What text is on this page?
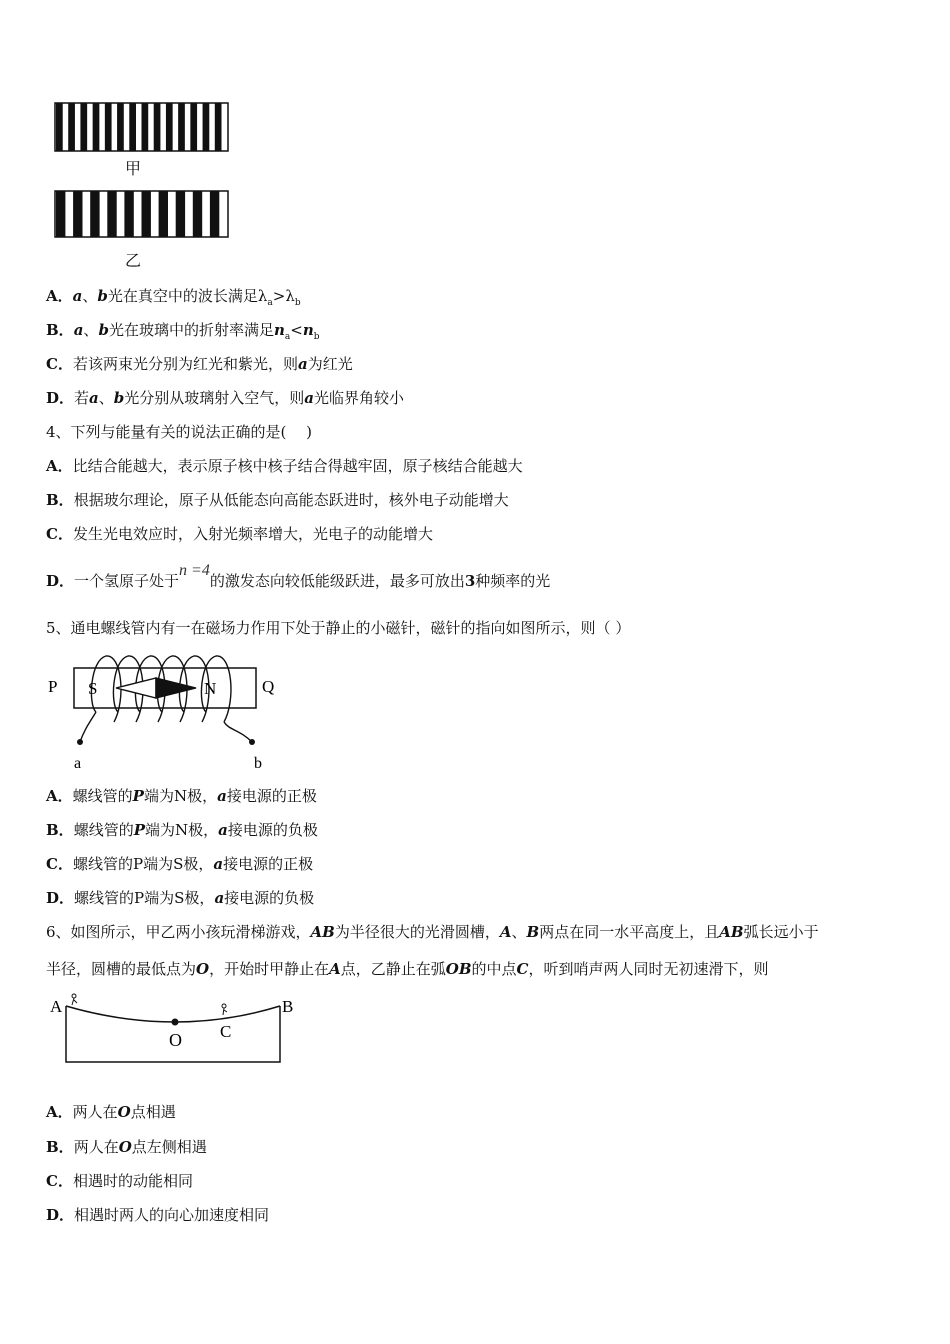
甲
乙
A．a、b光在真空中的波长满足$\lambda_a>\lambda_b$
B．a、b光在玻璃中的折射率满足$n_a<n_b$
C．若该两束光分别为红光和紫光，则a为红光
D．若a、b光分别从玻璃射入空气，则a光临界角较小
4、下列与能量有关的说法正确的是(　 )
A．比结合能越大，表示原子核中核子结合得越牢固，原子核结合能越大
B．根据玻尔理论，原子从低能态向高能态跃进时，核外电子动能增大
C．发生光电效应时，入射光频率增大，光电子的动能增大
D．一个氢原子处于n =4的激发态向较低能级跃进，最多可放出3种频率的光
5、通电螺线管内有一在磁场力作用下处于静止的小磁针，磁针的指向如图所示，则（ ）
P	Q
a	b
S	N
A．螺线管的P端为N极，a接电源的正极
B．螺线管的P端为N极，a接电源的负极
C．螺线管的P端为S极，a接电源的正极
D．螺线管的P端为S极，a接电源的负极
6、如图所示，甲乙两小孩玩滑梯游戏，AB为半径很大的光滑圆槽，A、B两点在同一水平高度上，且AB弧长远小于
半径，圆槽的最低点为O，开始时甲静止在A点，乙静止在弧OB的中点C，听到哨声两人同时无初速滑下，则
A	B
O C
A．两人在O点相遇
B．两人在O点左侧相遇
C．相遇时的动能相同
D．相遇时两人的向心加速度相同
